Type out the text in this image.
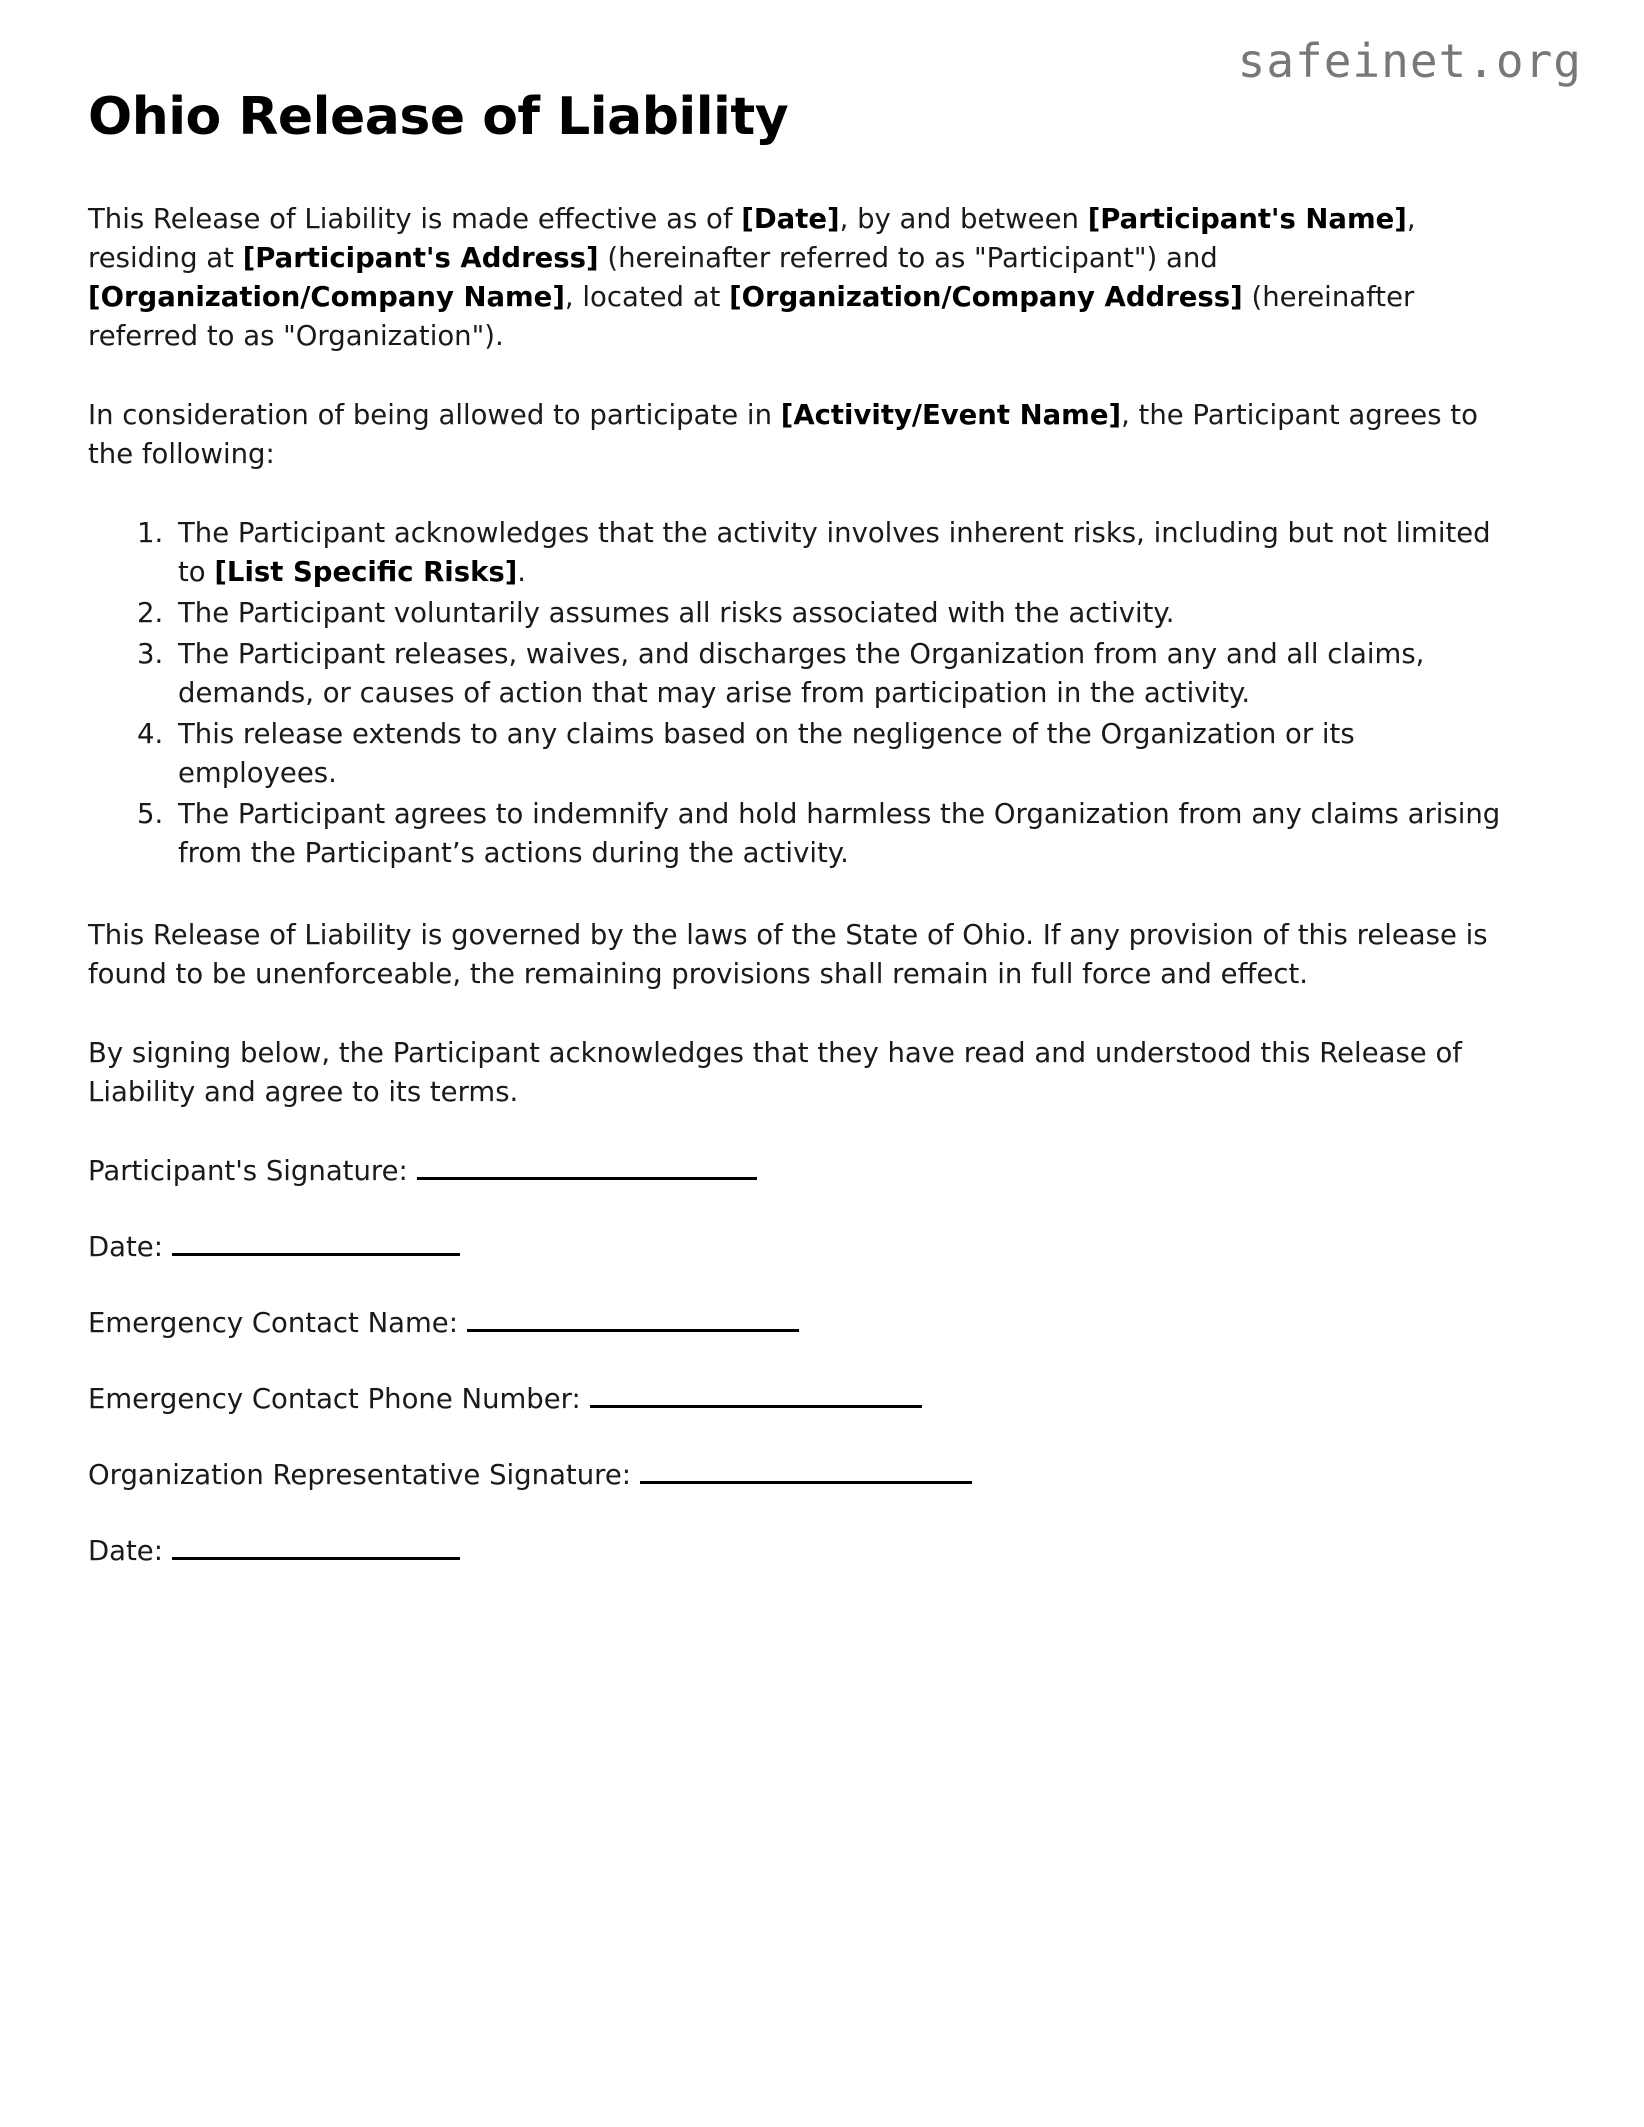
safeinet.org
Ohio Release of Liability

This Release of Liability is made effective as of [Date], by and between [Participant's Name], residing at [Participant's Address] (hereinafter referred to as "Participant") and [Organization/Company Name], located at [Organization/Company Address] (hereinafter referred to as "Organization").

In consideration of being allowed to participate in [Activity/Event Name], the Participant agrees to the following:

1. The Participant acknowledges that the activity involves inherent risks, including but not limited to [List Specific Risks].
2. The Participant voluntarily assumes all risks associated with the activity.
3. The Participant releases, waives, and discharges the Organization from any and all claims, demands, or causes of action that may arise from participation in the activity.
4. This release extends to any claims based on the negligence of the Organization or its employees.
5. The Participant agrees to indemnify and hold harmless the Organization from any claims arising from the Participant’s actions during the activity.

This Release of Liability is governed by the laws of the State of Ohio. If any provision of this release is found to be unenforceable, the remaining provisions shall remain in full force and effect.

By signing below, the Participant acknowledges that they have read and understood this Release of Liability and agree to its terms.

Participant's Signature:
Date:
Emergency Contact Name:
Emergency Contact Phone Number:
Organization Representative Signature:
Date:
